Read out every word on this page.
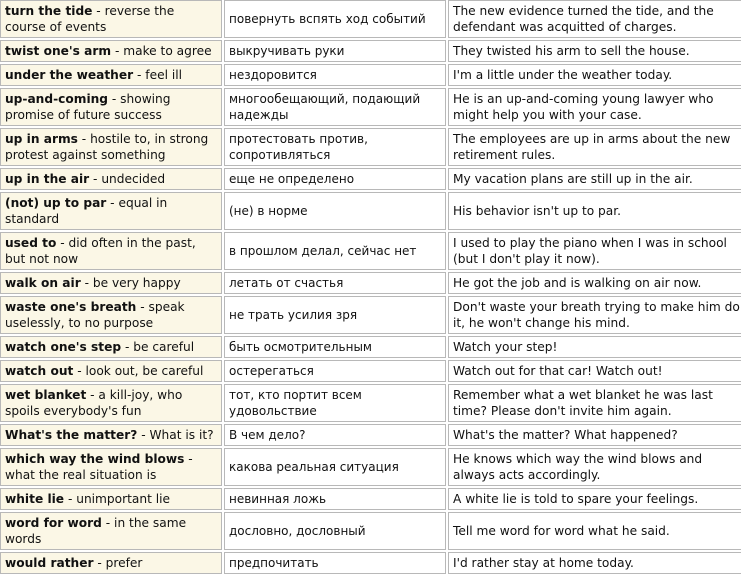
turn the tide - reverse the course of events	повернуть вспять ход событий	The new evidence turned the tide, and the defendant was acquitted of charges.
twist one's arm - make to agree	выкручивать руки	They twisted his arm to sell the house.
under the weather - feel ill	нездоровится	I'm a little under the weather today.
up-and-coming - showing promise of future success	многообещающий, подающий надежды	He is an up-and-coming young lawyer who might help you with your case.
up in arms - hostile to, in strong protest against something	протестовать против, сопротивляться	The employees are up in arms about the new retirement rules.
up in the air - undecided	еще не определено	My vacation plans are still up in the air.
(not) up to par - equal in standard	(не) в норме	His behavior isn't up to par.
used to - did often in the past, but not now	в прошлом делал, сейчас нет	I used to play the piano when I was in school (but I don't play it now).
walk on air - be very happy	летать от счастья	He got the job and is walking on air now.
waste one's breath - speak uselessly, to no purpose	не трать усилия зря	Don't waste your breath trying to make him do it, he won't change his mind.
watch one's step - be careful	быть осмотрительным	Watch your step!
watch out - look out, be careful	остерегаться	Watch out for that car! Watch out!
wet blanket - a kill-joy, who spoils everybody's fun	тот, кто портит всем удовольствие	Remember what a wet blanket he was last time? Please don't invite him again.
What's the matter? - What is it?	В чем дело?	What's the matter? What happened?
which way the wind blows - what the real situation is	какова реальная ситуация	He knows which way the wind blows and always acts accordingly.
white lie - unimportant lie	невинная ложь	A white lie is told to spare your feelings.
word for word - in the same words	дословно, дословный	Tell me word for word what he said.
would rather - prefer	предпочитать	I'd rather stay at home today.
